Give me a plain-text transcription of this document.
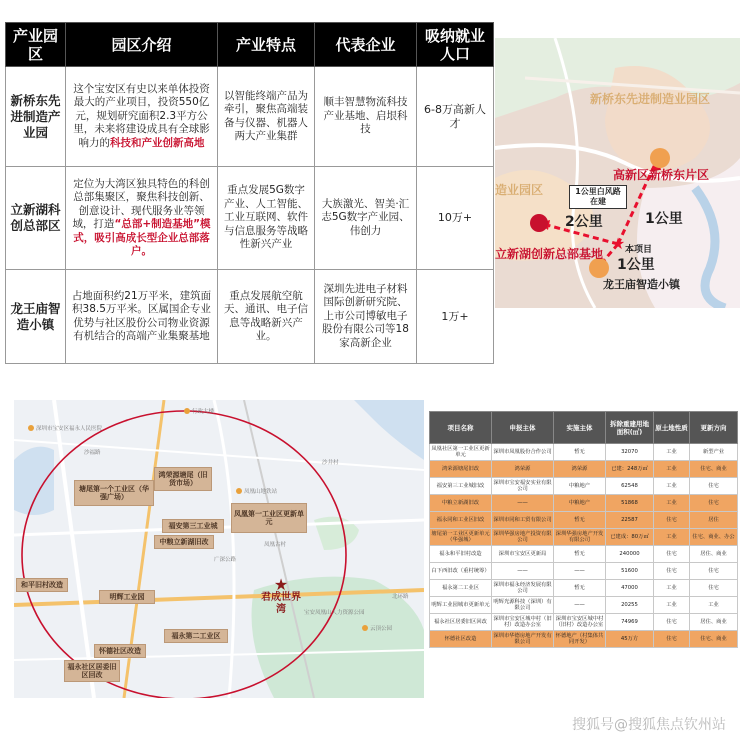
产业园区	园区介绍	产业特点	代表企业	吸纳就业人口
新桥东先进制造产业园	这个宝安区有史以来单体投资最大的产业项目，投资550亿元，规划研究面积2.3平方公里，未来将建设成具有全球影响力的科技和产业创新高地	以智能终端产品为牵引，聚焦高端装备与仪器、机器人两大产业集群	顺丰智慧物流科技产业基地、启垠科技	6-8万高新人才
立新湖科创总部区	定位为大湾区独具特色的科创总部集聚区，聚焦科技创新、创意设计、现代服务业等领域，打造“总部+制造基地”模式，吸引高成长型企业总部落户。	重点发展5G数字产业、人工智能、工业互联网、软件与信息服务等战略性新兴产业	大族激光、智美·汇志5G数字产业园、伟创力	10万+
龙王庙智造小镇	占地面积约21万平米，建筑面积38.5万平米。区属国企专业优势与社区股份公司物业资源有机结合的高端产业集聚基地	重点发展航空航天、通讯、电子信息等战略新兴产业。	深圳先进电子材料国际创新研究院、上市公司博敏电子股份有限公司等18家高新企业	1万+
★
新桥东先进制造业园区
高新区新桥东片区
造业园区
立新湖创新总部基地
龙王庙智造小镇
2公里	1公里
1公里
1公里白风路在建
本项目
★
塘尾第一个工业区（华强广场）
鸿荣源塘尾（旧货市场）
凤凰第一工业区更新单元
福安第三工业城
中粮立新湖旧改
明辉工业园
和平旧村改造
福永第二工业区
怀德社区改造
福永社区居委旧区回改
君成世界湾
行政大楼
深圳市宝安区福永人民医院
沙福路
凤凰山地铁站
广深公路
沙井村
宝安凤凰山人力资源公园
北环路
凤凰古村
云顶公园
项目名称	申报主体	实施主体	拆除重建用地面积(㎡)	原土地性质	更新方向
凤凰社区第一工业区更新单元	深圳市凤凰股份合作公司	暂无	32070	工业	新型产业
鸿荣源塘尾旧改	鸿荣源	鸿荣源	已建：248万㎡	工业	住宅、商业
福安第三工业城旧改	深圳市宝安福安实业有限公司	中粮地产	62548	工业	住宅
中粮立新湖旧改	——	中粮地产	51868	工业	住宅
福永同和工业区旧改	深圳市同和工贸有限公司	暂无	22587	住宅	居住
塘尾第一工业区更新单元（华强城）	深圳华强房地产投资有限公司	深圳华强房地产开发有限公司	已建成：80万㎡	工业	住宅、商业、办公
福永和平旧村改造	深圳市宝安区更新局	暂无	240000	住宅	居住、商业
白下西旧改（重村统筹）	——	——	51600	住宅	住宅
福永第二工业区	深圳市福永经济发展有限公司	暂无	47000	工业	住宅
明辉工业园城市更新单元	明辉光源科技（深圳）有限公司	——	20255	工业	工业
福永社区居委旧区回改	深圳市宝安区城中村（旧村）改造办公室	深圳市宝安区城中村（旧村）改造办公室	74969	住宅	居住、商业
怀德社区改造	深圳市华德房地产开发有限公司	怀德地产（村集体共同开发）	45万方	住宅	住宅、商业
搜狐号@搜狐焦点钦州站
